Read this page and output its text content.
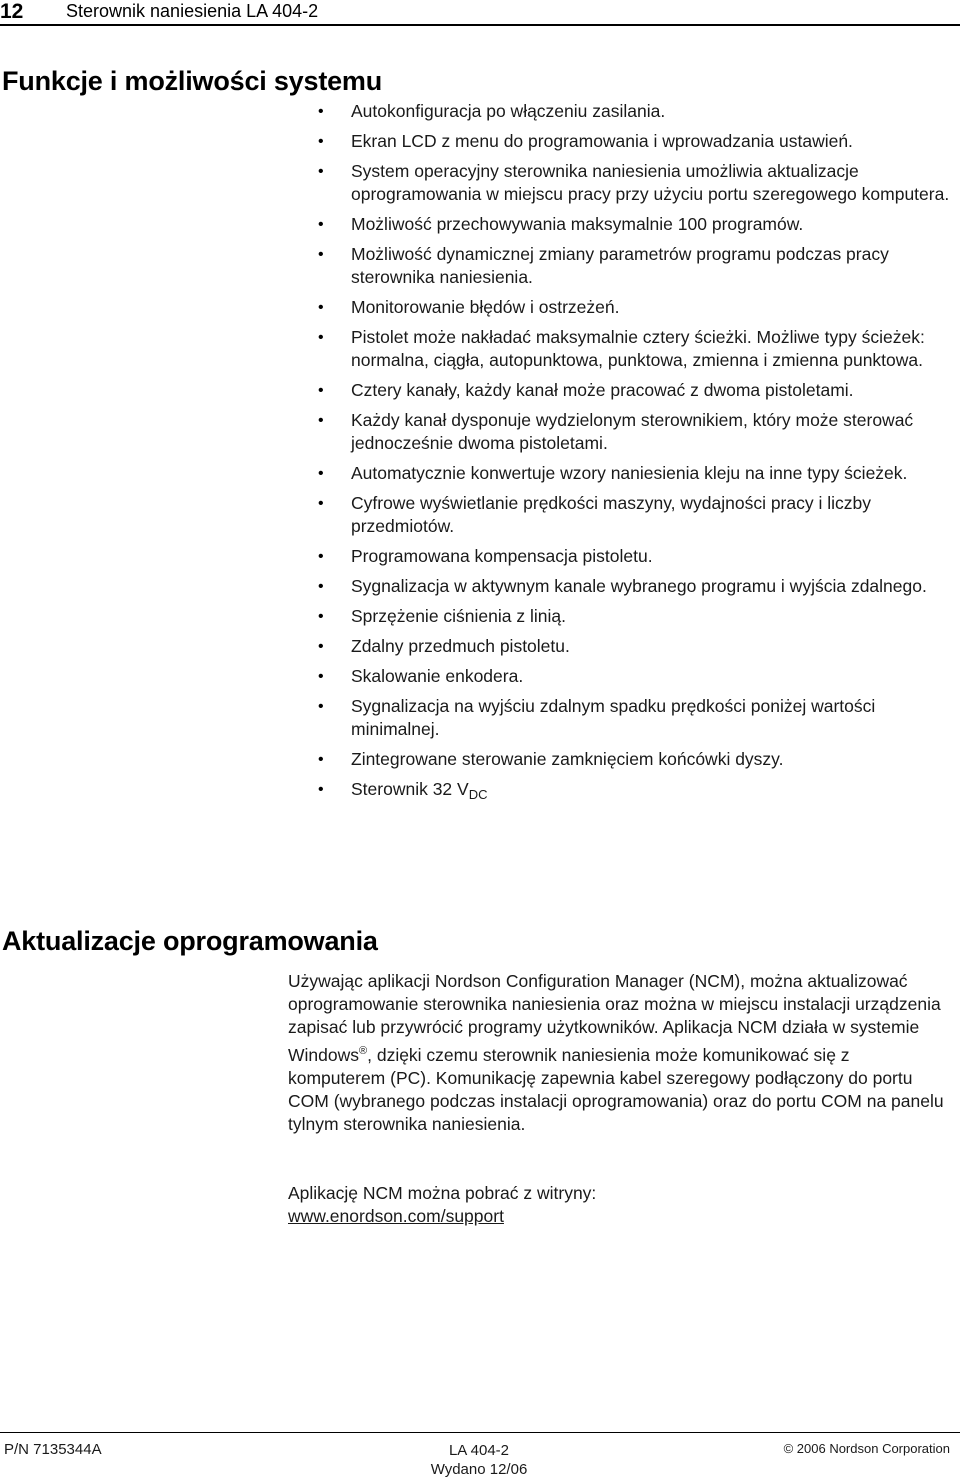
12 Sterownik naniesienia LA 404-2
Funkcje i możliwości systemu
• Autokonfiguracja po włączeniu zasilania.
• Ekran LCD z menu do programowania i wprowadzania ustawień.
• System operacyjny sterownika naniesienia umożliwia aktualizacje oprogramowania w miejscu pracy przy użyciu portu szeregowego komputera.
• Możliwość przechowywania maksymalnie 100 programów.
• Możliwość dynamicznej zmiany parametrów programu podczas pracy sterownika naniesienia.
• Monitorowanie błędów i ostrzeżeń.
• Pistolet może nakładać maksymalnie cztery ścieżki. Możliwe typy ścieżek: normalna, ciągła, autopunktowa, punktowa, zmienna i zmienna punktowa.
• Cztery kanały, każdy kanał może pracować z dwoma pistoletami.
• Każdy kanał dysponuje wydzielonym sterownikiem, który może sterować jednocześnie dwoma pistoletami.
• Automatycznie konwertuje wzory naniesienia kleju na inne typy ścieżek.
• Cyfrowe wyświetlanie prędkości maszyny, wydajności pracy i liczby przedmiotów.
• Programowana kompensacja pistoletu.
• Sygnalizacja w aktywnym kanale wybranego programu i wyjścia zdalnego.
• Sprzężenie ciśnienia z linią.
• Zdalny przedmuch pistoletu.
• Skalowanie enkodera.
• Sygnalizacja na wyjściu zdalnym spadku prędkości poniżej wartości minimalnej.
• Zintegrowane sterowanie zamknięciem końcówki dyszy.
• Sterownik 32 $V_{DC}$
Aktualizacje oprogramowania

Używając aplikacji Nordson Configuration Manager (NCM), można aktualizować oprogramowanie sterownika naniesienia oraz można w miejscu instalacji urządzenia zapisać lub przywrócić programy użytkowników. Aplikacja NCM działa w systemie Windows®, dzięki czemu sterownik naniesienia może komunikować się z komputerem (PC). Komunikację zapewnia kabel szeregowy podłączony do portu COM (wybranego podczas instalacji oprogramowania) oraz do portu COM na panelu tylnym sterownika naniesienia.

Aplikację NCM można pobrać z witryny:
www.enordson.com/support

P/N 7135344A	LA 404-2
Wydano 12/06
© 2006 Nordson Corporation
